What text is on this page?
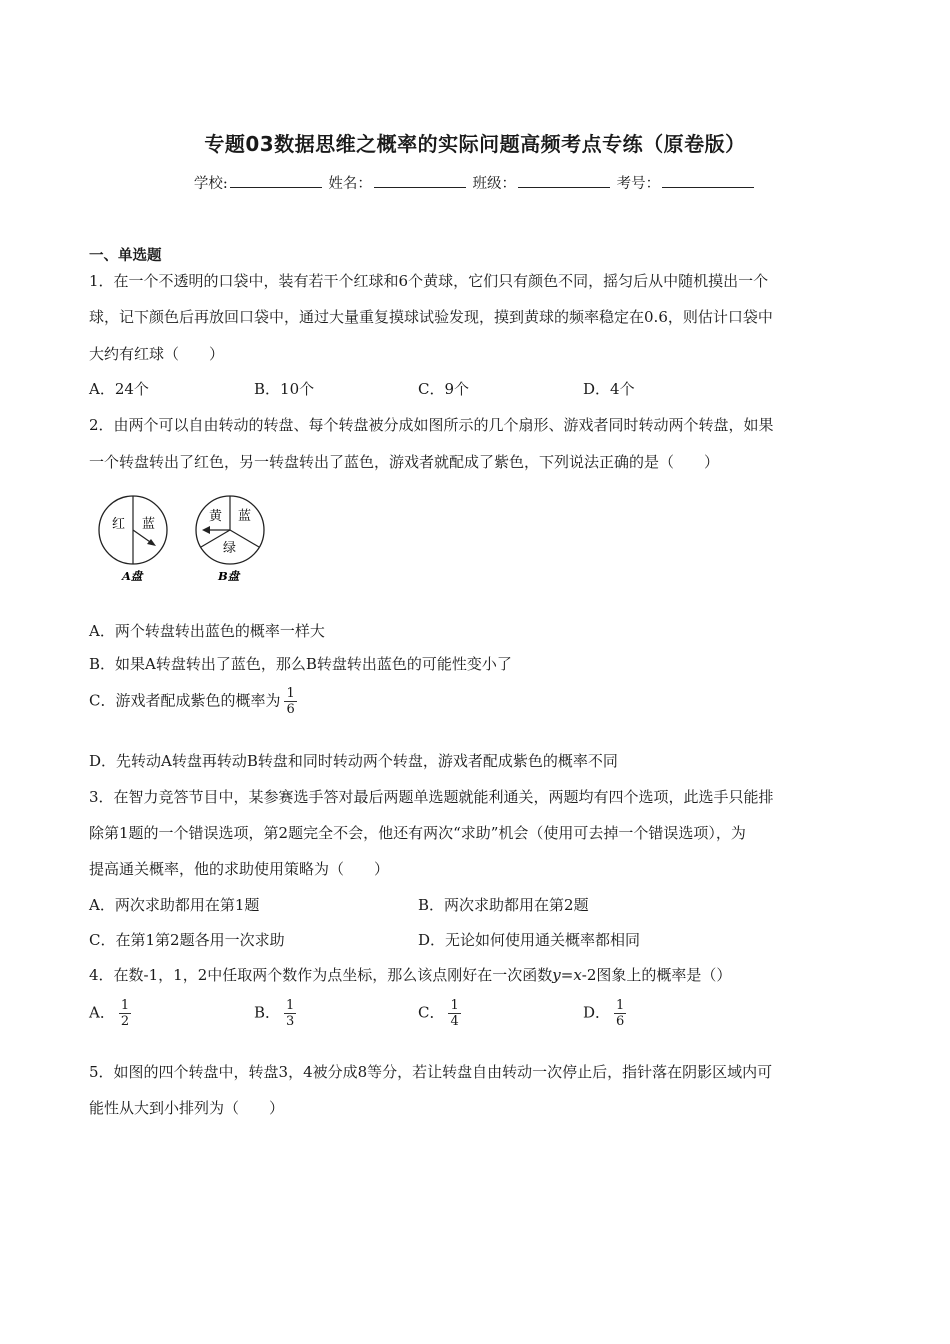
专题03数据思维之概率的实际问题高频考点专练（原卷版）
学校:	姓名：	班级：	考号：
一、单选题
1．在一个不透明的口袋中，装有若干个红球和6个黄球，它们只有颜色不同，摇匀后从中随机摸出一个
球，记下颜色后再放回口袋中，通过大量重复摸球试验发现，摸到黄球的频率稳定在0.6，则估计口袋中
大约有红球（　　）
A．24个	B．10个	C．9个	D．4个
2．由两个可以自由转动的转盘、每个转盘被分成如图所示的几个扇形、游戏者同时转动两个转盘，如果
一个转盘转出了红色，另一转盘转出了蓝色，游戏者就配成了紫色，下列说法正确的是（　　）
红 蓝
A盘
黄 蓝
绿
B盘
A．两个转盘转出蓝色的概率一样大
B．如果A转盘转出了蓝色，那么B转盘转出蓝色的可能性变小了
C．游戏者配成紫色的概率为 $\frac{1}{6}$
D．先转动A转盘再转动B转盘和同时转动两个转盘，游戏者配成紫色的概率不同
3．在智力竞答节目中，某参赛选手答对最后两题单选题就能利通关，两题均有四个选项，此选手只能排
除第1题的一个错误选项，第2题完全不会，他还有两次“求助”机会（使用可去掉一个错误选项），为
提高通关概率，他的求助使用策略为（　　）
A．两次求助都用在第1题	B．两次求助都用在第2题
C．在第1第2题各用一次求助	D．无论如何使用通关概率都相同
4．在数-1，1，2中任取两个数作为点坐标，那么该点刚好在一次函数y=x-2图象上的概率是（）
A． $\frac{1}{2}$	B． $\frac{1}{3}$	C． $\frac{1}{4}$	D． $\frac{1}{6}$
5．如图的四个转盘中，转盘3，4被分成8等分，若让转盘自由转动一次停止后，指针落在阴影区域内可
能性从大到小排列为（　　）
